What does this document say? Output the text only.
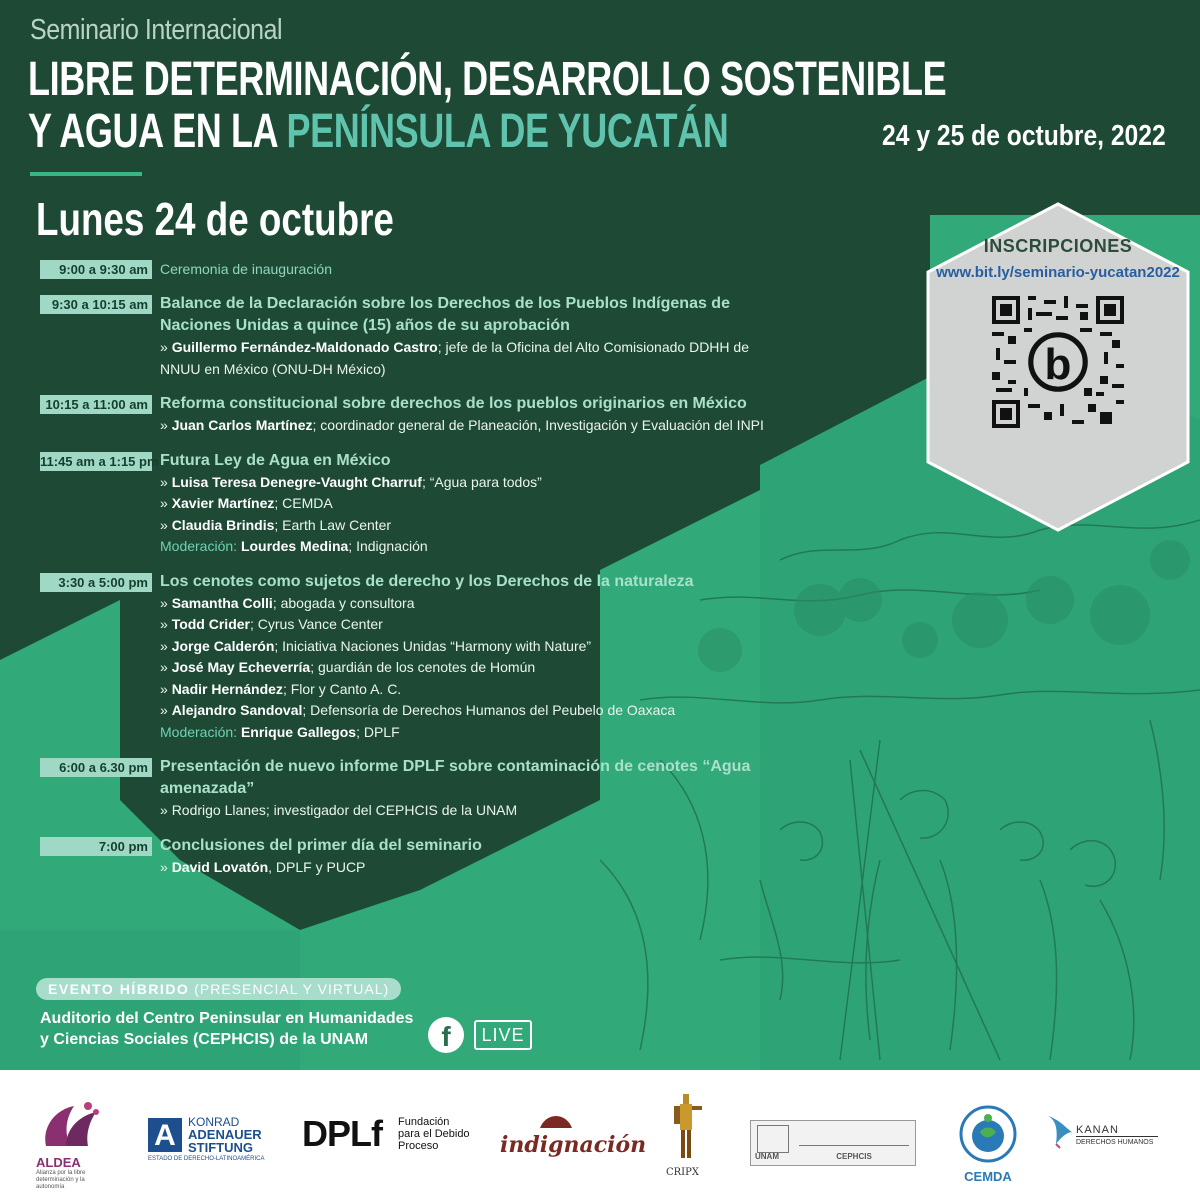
Seminario Internacional
LIBRE DETERMINACIÓN, DESARROLLO SOSTENIBLE
Y AGUA EN LA PENÍNSULA DE YUCATÁN	24 y 25 de octubre, 2022
Lunes 24 de octubre
INSCRIPCIONES
www.bit.ly/seminario-yucatan2022
b
9:00 a 9:30 am Ceremonia de inauguración
9:30 a 10:15 am Balance de la Declaración sobre los Derechos de los Pueblos Indígenas de Naciones Unidas a quince (15) años de su aprobación
» Guillermo Fernández-Maldonado Castro; jefe de la Oficina del Alto Comisionado DDHH de NNUU en México (ONU-DH México)
10:15 a 11:00 am Reforma constitucional sobre derechos de los pueblos originarios en México
» Juan Carlos Martínez; coordinador general de Planeación, Investigación y Evaluación del INPI
11:45 am a 1:15 pm Futura Ley de Agua en México
» Luisa Teresa Denegre-Vaught Charruf; “Agua para todos”
» Xavier Martínez; CEMDA
» Claudia Brindis; Earth Law Center
Moderación: Lourdes Medina; Indignación
3:30 a 5:00 pm Los cenotes como sujetos de derecho y los Derechos de la naturaleza
» Samantha Colli; abogada y consultora
» Todd Crider; Cyrus Vance Center
» Jorge Calderón; Iniciativa Naciones Unidas “Harmony with Nature”
» José May Echeverría; guardián de los cenotes de Homún
» Nadir Hernández; Flor y Canto A. C.
» Alejandro Sandoval; Defensoría de Derechos Humanos del Peubelo de Oaxaca
Moderación: Enrique Gallegos; DPLF
6:00 a 6.30 pm Presentación de nuevo informe DPLF sobre contaminación de cenotes “Agua amenazada”
» Rodrigo Llanes; investigador del CEPHCIS de la UNAM
7:00 pm Conclusiones del primer día del seminario
» David Lovatón, DPLF y PUCP
EVENTO HÍBRIDO (PRESENCIAL Y VIRTUAL)
Auditorio del Centro Peninsular en Humanidades y Ciencias Sociales (CEPHCIS) de la UNAM	f	LIVE
ALDEA
Alianza por la libre determinación y la autonomía
A	KONRAD
ADENAUER
STIFTUNG
ESTADO DE DERECHO-LATINOAMÉRICA
DPLf Fundación
para el Debido
Proceso	indignación
CRIPX
UNAM	CEPHCIS
CEMDA
KANAN
DERECHOS HUMANOS
